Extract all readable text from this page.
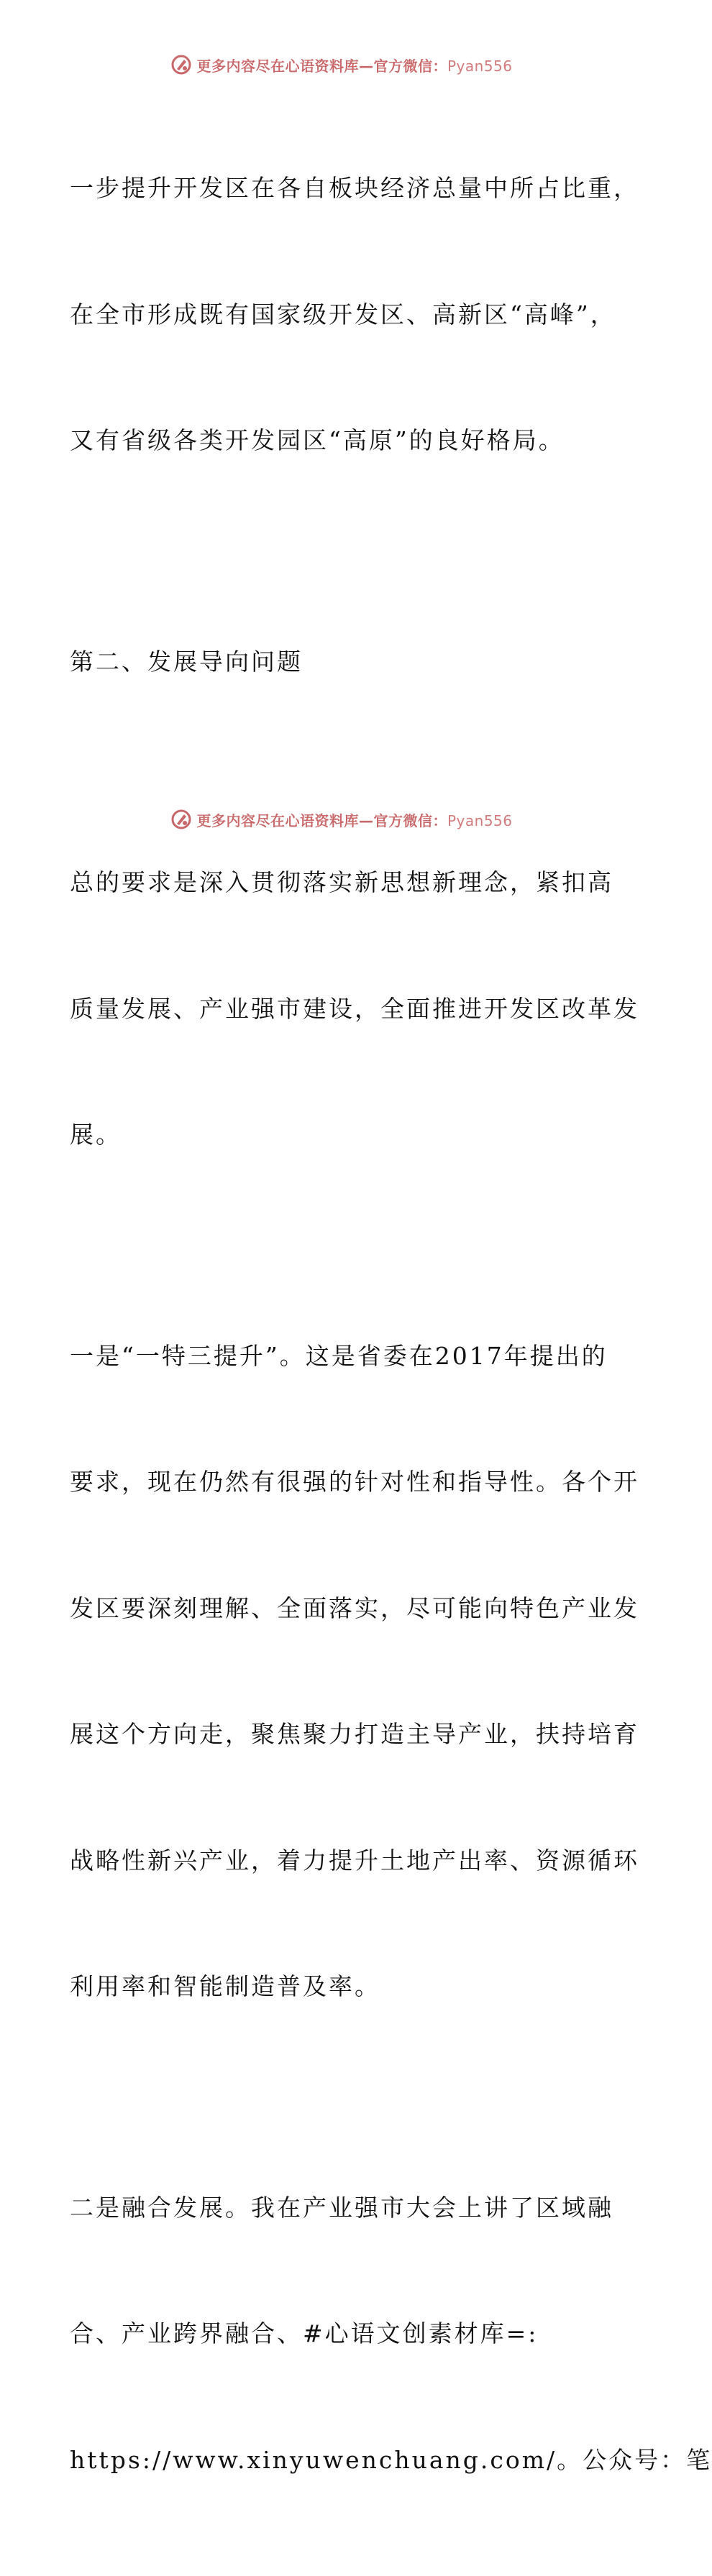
更多内容尽在心语资料库—官方微信：Pyan556

一步提升开发区在各自板块经济总量中所占比重，

在全市形成既有国家级开发区、高新区“高峰”，

又有省级各类开发园区“高原”的良好格局。

第二、发展导向问题

总的要求是深入贯彻落实新思想新理念，紧扣高

质量发展、产业强市建设，全面推进开发区改革发

展。

一是“一特三提升”。这是省委在2017年提出的

要求，现在仍然有很强的针对性和指导性。各个开

发区要深刻理解、全面落实，尽可能向特色产业发

展这个方向走，聚焦聚力打造主导产业，扶持培育

战略性新兴产业，着力提升土地产出率、资源循环

利用率和智能制造普及率。

二是融合发展。我在产业强市大会上讲了区域融

合、产业跨界融合、#心语文创素材库=:

https://www.xinyuwenchuang.com/。公众号：笔

更多内容尽在心语资料库—官方微信：Pyan556
